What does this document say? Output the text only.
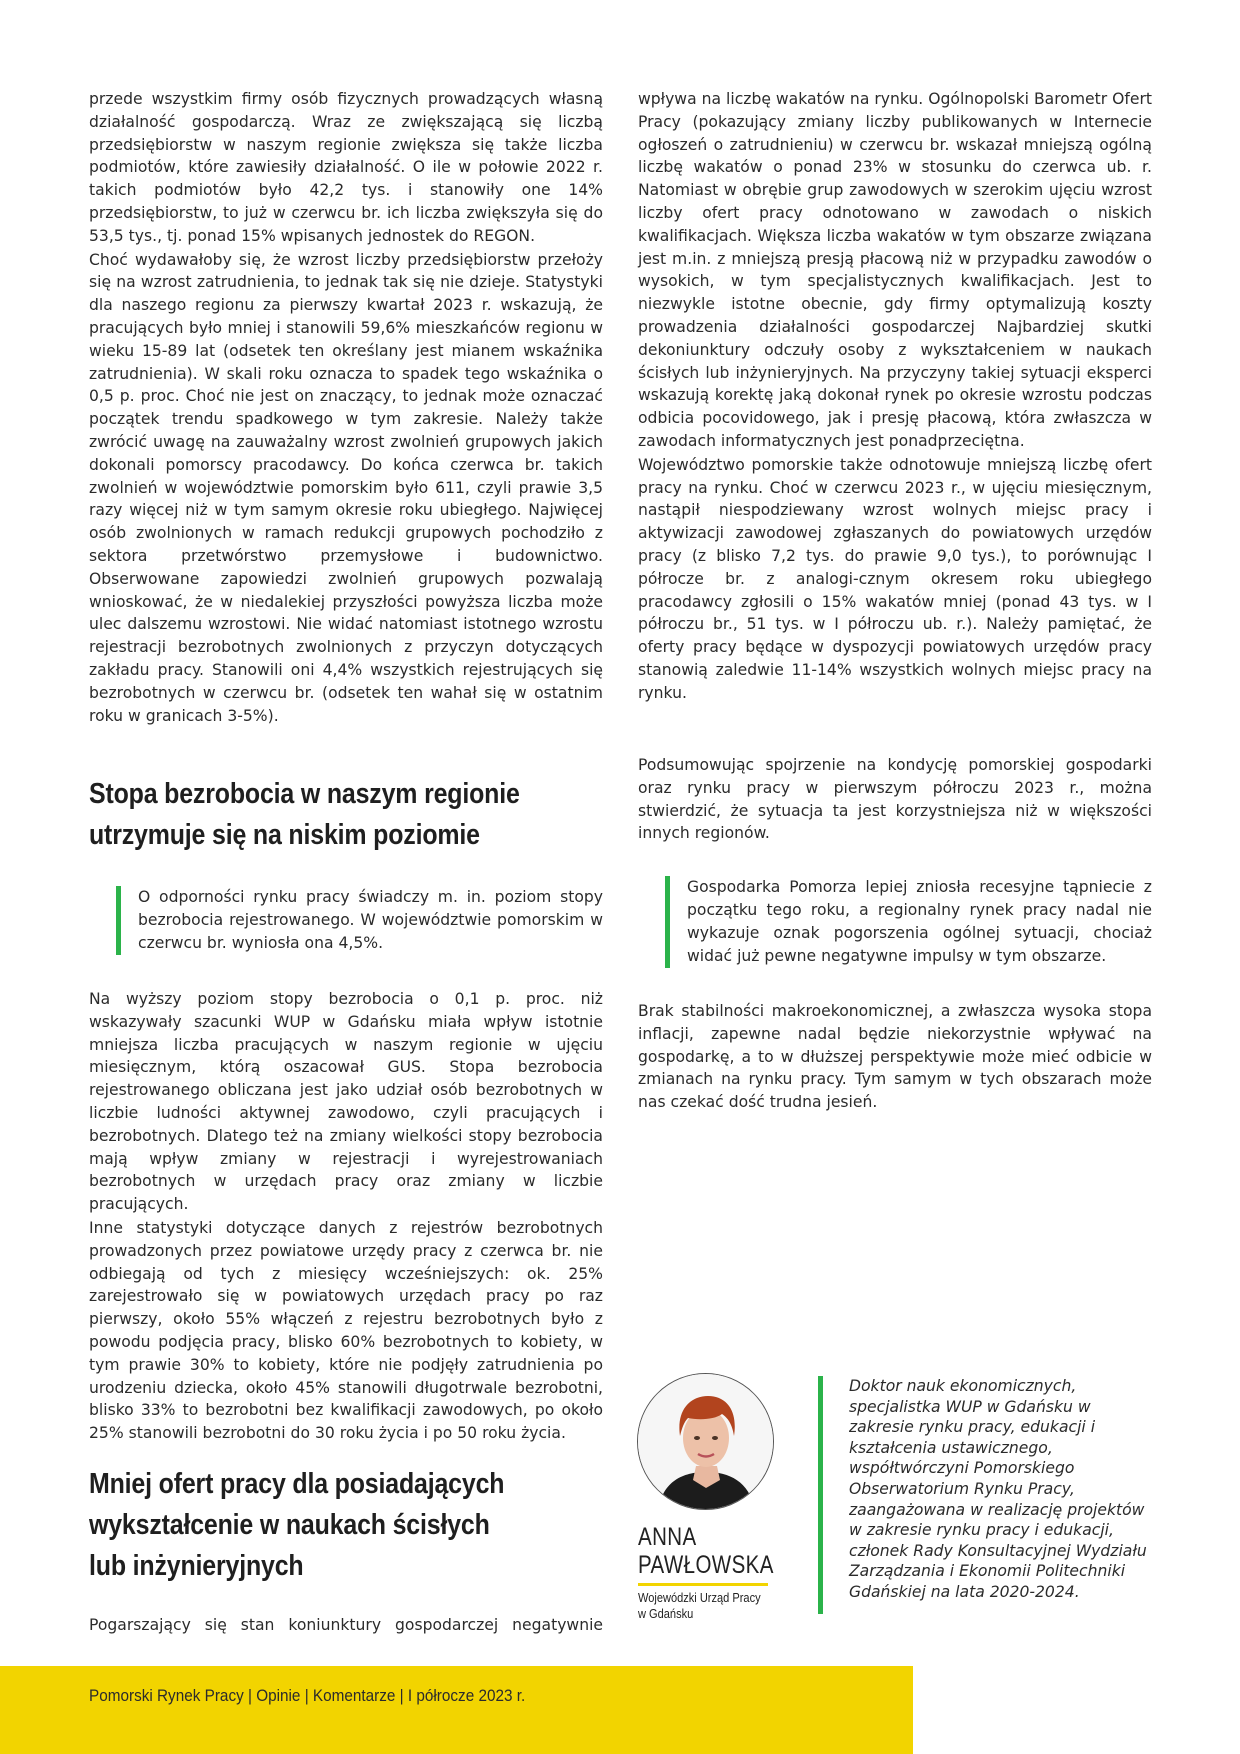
przede wszystkim firmy osób fizycznych prowadzących własną działalność gospodarczą. Wraz ze zwiększającą się liczbą przedsiębiorstw w naszym regionie zwiększa się także liczba podmiotów, które zawiesiły działalność. O ile w połowie 2022 r. takich podmiotów było 42,2 tys. i stanowiły one 14% przedsiębiorstw, to już w czerwcu br. ich liczba zwiększyła się do 53,5 tys., tj. ponad 15% wpisanych jednostek do REGON.

Choć wydawałoby się, że wzrost liczby przedsiębiorstw przełoży się na wzrost zatrudnienia, to jednak tak się nie dzieje. Statystyki dla naszego regionu za pierwszy kwartał 2023 r. wskazują, że pracujących było mniej i stanowili 59,6% mieszkańców regionu w wieku 15-89 lat (odsetek ten określany jest mianem wskaźnika zatrudnienia). W skali roku oznacza to spadek tego wskaźnika o 0,5 p. proc. Choć nie jest on znaczący, to jednak może oznaczać początek trendu spadkowego w tym zakresie. Należy także zwrócić uwagę na zauważalny wzrost zwolnień grupowych jakich dokonali pomorscy pracodawcy. Do końca czerwca br. takich zwolnień w województwie pomorskim było 611, czyli prawie 3,5 razy więcej niż w tym samym okresie roku ubiegłego. Najwięcej osób zwolnionych w ramach redukcji grupowych pochodziło z sektora przetwórstwo przemysłowe i budownictwo. Obserwowane zapowiedzi zwolnień grupowych pozwalają wnioskować, że w niedalekiej przyszłości powyższa liczba może ulec dalszemu wzrostowi. Nie widać natomiast istotnego wzrostu rejestracji bezrobotnych zwolnionych z przyczyn dotyczących zakładu pracy. Stanowili oni 4,4% wszystkich rejestrujących się bezrobotnych w czerwcu br. (odsetek ten wahał się w ostatnim roku w granicach 3-5%).

Stopa bezrobocia w naszym regionie
utrzymuje się na niskim poziomie
O odporności rynku pracy świadczy m. in. poziom stopy bezrobocia rejestrowanego. W województwie pomorskim w czerwcu br. wyniosła ona 4,5%.

Na wyższy poziom stopy bezrobocia o 0,1 p. proc. niż wskazywały szacunki WUP w Gdańsku miała wpływ istotnie mniejsza liczba pracujących w naszym regionie w ujęciu miesięcznym, którą oszacował GUS. Stopa bezrobocia rejestrowanego obliczana jest jako udział osób bezrobotnych w liczbie ludności aktywnej zawodowo, czyli pracujących i bezrobotnych. Dlatego też na zmiany wielkości stopy bezrobocia mają wpływ zmiany w rejestracji i wyrejestrowaniach bezrobotnych w urzędach pracy oraz zmiany w liczbie pracujących.

Inne statystyki dotyczące danych z rejestrów bezrobotnych prowadzonych przez powiatowe urzędy pracy z czerwca br. nie odbiegają od tych z miesięcy wcześniejszych: ok. 25% zarejestrowało się w powiatowych urzędach pracy po raz pierwszy, około 55% włączeń z rejestru bezrobotnych było z powodu podjęcia pracy, blisko 60% bezrobotnych to kobiety, w tym prawie 30% to kobiety, które nie podjęły zatrudnienia po urodzeniu dziecka, około 45% stanowili długotrwale bezrobotni, blisko 33% to bezrobotni bez kwalifikacji zawodowych, po około 25% stanowili bezrobotni do 30 roku życia i po 50 roku życia.

Mniej ofert pracy dla posiadających
wykształcenie w naukach ścisłych
lub inżynieryjnych

Pogarszający się stan koniunktury gospodarczej negatywnie

wpływa na liczbę wakatów na rynku. Ogólnopolski Barometr Ofert Pracy (pokazujący zmiany liczby publikowanych w Internecie ogłoszeń o zatrudnieniu) w czerwcu br. wskazał mniejszą ogólną liczbę wakatów o ponad 23% w stosunku do czerwca ub. r. Natomiast w obrębie grup zawodowych w szerokim ujęciu wzrost liczby ofert pracy odnotowano w zawodach o niskich kwalifikacjach. Większa liczba wakatów w tym obszarze związana jest m.in. z mniejszą presją płacową niż w przypadku zawodów o wysokich, w tym specjalistycznych kwalifikacjach. Jest to niezwykle istotne obecnie, gdy firmy optymalizują koszty prowadzenia działalności gospodarczej Najbardziej skutki dekoniunktury odczuły osoby z wykształceniem w naukach ścisłych lub inżynieryjnych. Na przyczyny takiej sytuacji eksperci wskazują korektę jaką dokonał rynek po okresie wzrostu podczas odbicia pocovidowego, jak i presję płacową, która zwłaszcza w zawodach informatycznych jest ponadprzeciętna.

Województwo pomorskie także odnotowuje mniejszą liczbę ofert pracy na rynku. Choć w czerwcu 2023 r., w ujęciu miesięcznym, nastąpił niespodziewany wzrost wolnych miejsc pracy i aktywizacji zawodowej zgłaszanych do powiatowych urzędów pracy (z blisko 7,2 tys. do prawie 9,0 tys.), to porównując I półrocze br. z analogi-cznym okresem roku ubiegłego pracodawcy zgłosili o 15% wakatów mniej (ponad 43 tys. w I półroczu br., 51 tys. w I półroczu ub. r.). Należy pamiętać, że oferty pracy będące w dyspozycji powiatowych urzędów pracy stanowią zaledwie 11-14% wszystkich wolnych miejsc pracy na rynku.

Podsumowując spojrzenie na kondycję pomorskiej gospodarki oraz rynku pracy w pierwszym półroczu 2023 r., można stwierdzić, że sytuacja ta jest korzystniejsza niż w większości innych regionów.

Gospodarka Pomorza lepiej zniosła recesyjne tąpniecie z początku tego roku, a regionalny rynek pracy nadal nie wykazuje oznak pogorszenia ogólnej sytuacji, chociaż widać już pewne negatywne impulsy w tym obszarze.

Brak stabilności makroekonomicznej, a zwłaszcza wysoka stopa inflacji, zapewne nadal będzie niekorzystnie wpływać na gospodarkę, a to w dłuższej perspektywie może mieć odbicie w zmianach na rynku pracy. Tym samym w tych obszarach może nas czekać dość trudna jesień.

ANNA
PAWŁOWSKA
Wojewódzki Urząd Pracy
w Gdańsku
Doktor nauk ekonomicznych, specjalistka WUP w Gdańsku w zakresie rynku pracy, edukacji i kształcenia ustawicznego, współtwórczyni Pomorskiego Obserwatorium Rynku Pracy, zaangażowana w realizację projektów w zakresie rynku pracy i edukacji, członek Rady Konsultacyjnej Wydziału Zarządzania i Ekonomii Politechniki Gdańskiej na lata 2020-2024.
Pomorski Rynek Pracy | Opinie | Komentarze | I półrocze 2023 r.
